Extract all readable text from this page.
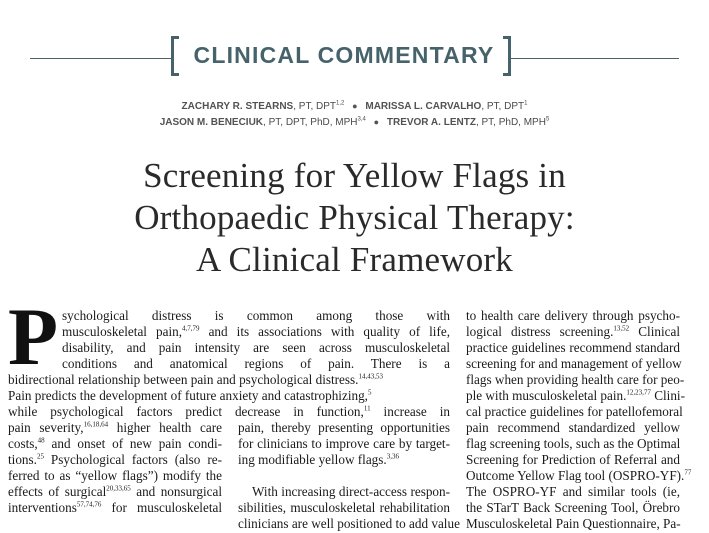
CLINICAL COMMENTARY
ZACHARY R. STEARNS, PT, DPT$^{1,2}$ ● MARISSA L. CARVALHO, PT, DPT$^1$
JASON M. BENECIUK, PT, DPT, PhD, MPH$^{3,4}$ ● TREVOR A. LENTZ, PT, PhD, MPH$^5$
Screening for Yellow Flags in
Orthopaedic Physical Therapy:
A Clinical Framework
P sychological distress is common among those with
musculoskeletal pain,$^{4,7,79}$ and its associations with quality of life,
disability, and pain intensity are seen across musculoskeletal
conditions and anatomical regions of pain. There is a
bidirectional relationship between pain and psychological distress.$^{14,43,53}$
Pain predicts the development of future anxiety and catastrophizing,$^5$
while psychological factors predict decrease in function,$^{11}$ increase in
pain severity,$^{16,18,64}$ higher health care
costs,$^{48}$ and onset of new pain condi-
tions.$^{25}$ Psychological factors (also re-
ferred to as “yellow flags”) modify the
effects of surgical$^{20,33,65}$ and nonsurgical
interventions$^{57,74,76}$ for musculoskeletal
pain, thereby presenting opportunities
for clinicians to improve care by target-
ing modifiable yellow flags.$^{3,36}$
With increasing direct-access respon-
sibilities, musculoskeletal rehabilitation
clinicians are well positioned to add value
to health care delivery through psycho-
logical distress screening.$^{13,52}$ Clinical
practice guidelines recommend standard
screening for and management of yellow
flags when providing health care for peo-
ple with musculoskeletal pain.$^{12,23,77}$ Clini-
cal practice guidelines for patellofemoral
pain recommend standardized yellow
flag screening tools, such as the Optimal
Screening for Prediction of Referral and
Outcome Yellow Flag tool (OSPRO-YF).$^{77}$
The OSPRO-YF and similar tools (ie,
the STarT Back Screening Tool, Örebro
Musculoskeletal Pain Questionnaire, Pa-
